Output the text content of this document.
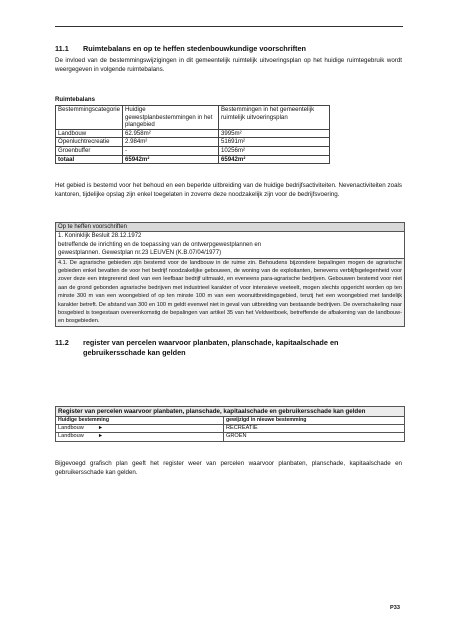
11.1 Ruimtebalans en op te heffen stedenbouwkundige voorschriften
De invloed van de bestemmingswijzigingen in dit gemeentelijk ruimtelijk uitvoeringsplan op het huidige ruimtegebruik wordt weergegeven in volgende ruimtebalans.
Ruimtebalans
Bestemmingscategorie	Huidige gewestplanbestemmingen in het plangebied	Bestemmingen in het gemeentelijk ruimtelijk uitvoeringsplan
Landbouw	62.958m²	3995m²
Openluchtrecreatie	2.984m²	51691m²
Groenbuffer	-	10256m²
totaal	65942m²	65942m²
Het gebied is bestemd voor het behoud en een beperkte uitbreiding van de huidige bedrijfsactiviteiten. Nevenactiviteiten zoals kantoren, tijdelijke opslag zijn enkel toegelaten in zoverre deze noodzakelijk zijn voor de bedrijfsvoering.
Op te heffen voorschriften
1. Koninklijk Besluit 28.12.1972
betreffende de inrichting en de toepassing van de ontwerpgewestplannen en
gewestplannen. Gewestplan nr.23 LEUVEN (K.B.07/04/1977)
4.1. De agrarische gebieden zijn bestemd voor de landbouw in de ruime zin. Behoudens bijzondere bepalingen mogen de agrarische gebieden enkel bevatten de voor het bedrijf noodzakelijke gebouwen, de woning van de exploitanten, benevens verblijfsgelegenheid voor zover deze een integrerend deel van een leefbaar bedrijf uitmaakt, en eveneens para-agrarische bedrijven. Gebouwen bestemd voor niet aan de grond gebonden agrarische bedrijven met industrieel karakter of voor intensieve veeteelt, mogen slechts opgericht worden op ten minste 300 m van een woongebied of op ten minste 100 m van een woonuitbreidingsgebied, tenzij het een woongebied met landelijk karakter betreft. De afstand van 300 en 100 m geldt evenwel niet in geval van uitbreiding van bestaande bedrijven. De overschakeling naar bosgebied is toegestaan overeenkomstig de bepalingen van artikel 35 van het Veldwetboek, betreffende de afbakening van de landbouw- en bosgebieden.
11.2 register van percelen waarvoor planbaten, planschade, kapitaalschade en gebruikersschade kan gelden
Register van percelen waarvoor planbaten, planschade, kapitaalschade en gebruikersschade kan gelden
Huidige bestemming	gewijzigd in nieuwe bestemming
Landbouw	►	RECREATIE
Landbouw	►	GROEN
Bijgevoegd grafisch plan geeft het register weer van percelen waarvoor planbaten, planschade, kapitaalschade en gebruikersschade kan gelden.
P33
